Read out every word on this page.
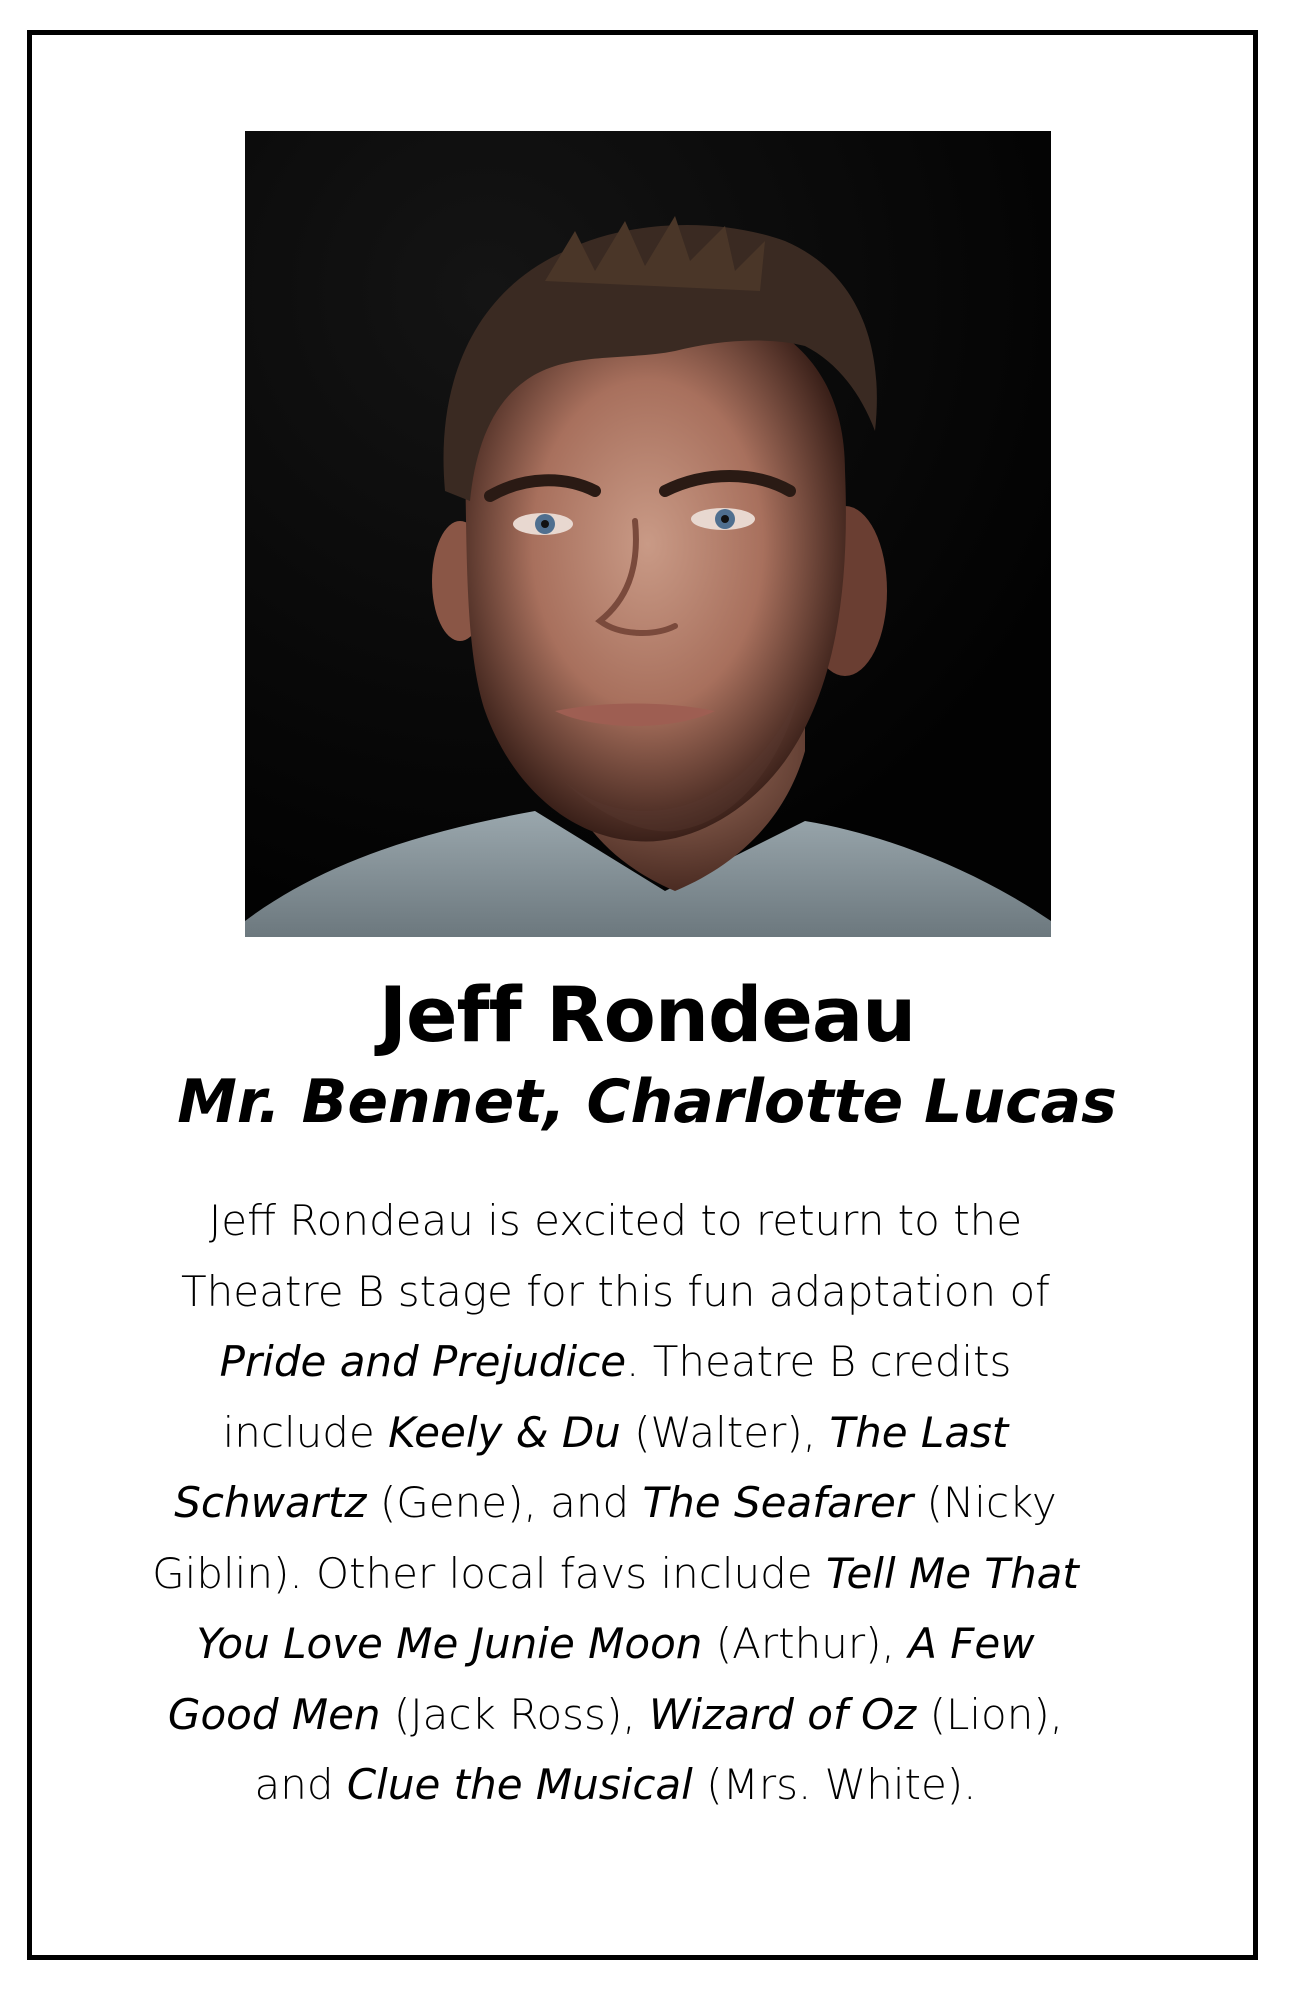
Jeff Rondeau
Mr. Bennet, Charlotte Lucas

Jeff Rondeau is excited to return to the
Theatre B stage for this fun adaptation of
Pride and Prejudice. Theatre B credits
include Keely & Du (Walter), The Last
Schwartz (Gene), and The Seafarer (Nicky
Giblin). Other local favs include Tell Me That
You Love Me Junie Moon (Arthur), A Few
Good Men (Jack Ross), Wizard of Oz (Lion),
and Clue the Musical (Mrs. White).
